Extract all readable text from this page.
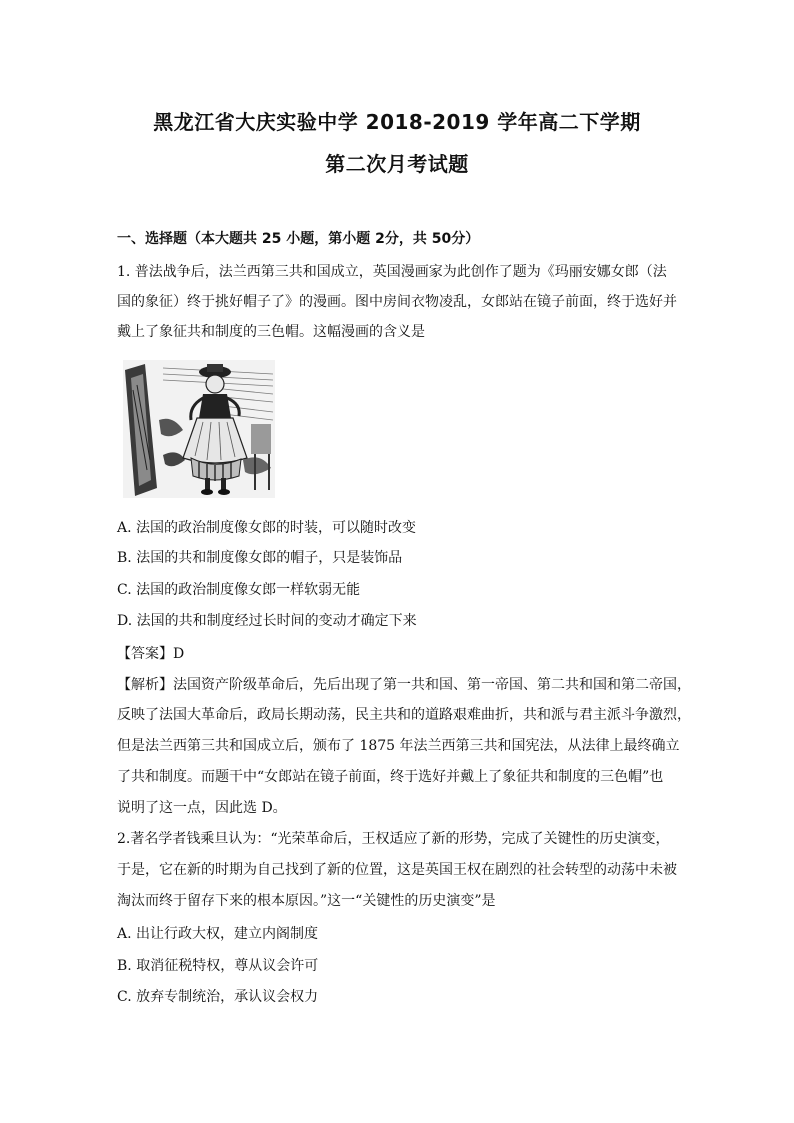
黑龙江省大庆实验中学 2018-2019 学年高二下学期
第二次月考试题
一、选择题（本大题共 25 小题，第小题 2分，共 50分）
1. 普法战争后，法兰西第三共和国成立，英国漫画家为此创作了题为《玛丽安娜女郎（法
国的象征）终于挑好帽子了》的漫画。图中房间衣物凌乱，女郎站在镜子前面，终于选好并
戴上了象征共和制度的三色帽。这幅漫画的含义是
A. 法国的政治制度像女郎的时装，可以随时改变
B. 法国的共和制度像女郎的帽子，只是装饰品
C. 法国的政治制度像女郎一样软弱无能
D. 法国的共和制度经过长时间的变动才确定下来
【答案】D
【解析】法国资产阶级革命后，先后出现了第一共和国、第一帝国、第二共和国和第二帝国，
反映了法国大革命后，政局长期动荡，民主共和的道路艰难曲折，共和派与君主派斗争激烈，
但是法兰西第三共和国成立后，颁布了 1875 年法兰西第三共和国宪法，从法律上最终确立
了共和制度。而题干中“女郎站在镜子前面，终于选好并戴上了象征共和制度的三色帽”也
说明了这一点，因此选 D。
2.著名学者钱乘旦认为：“光荣革命后，王权适应了新的形势，完成了关键性的历史演变，
于是，它在新的时期为自己找到了新的位置，这是英国王权在剧烈的社会转型的动荡中未被
淘汰而终于留存下来的根本原因。”这一“关键性的历史演变”是
A. 出让行政大权，建立内阁制度
B. 取消征税特权，尊从议会许可
C. 放弃专制统治，承认议会权力
